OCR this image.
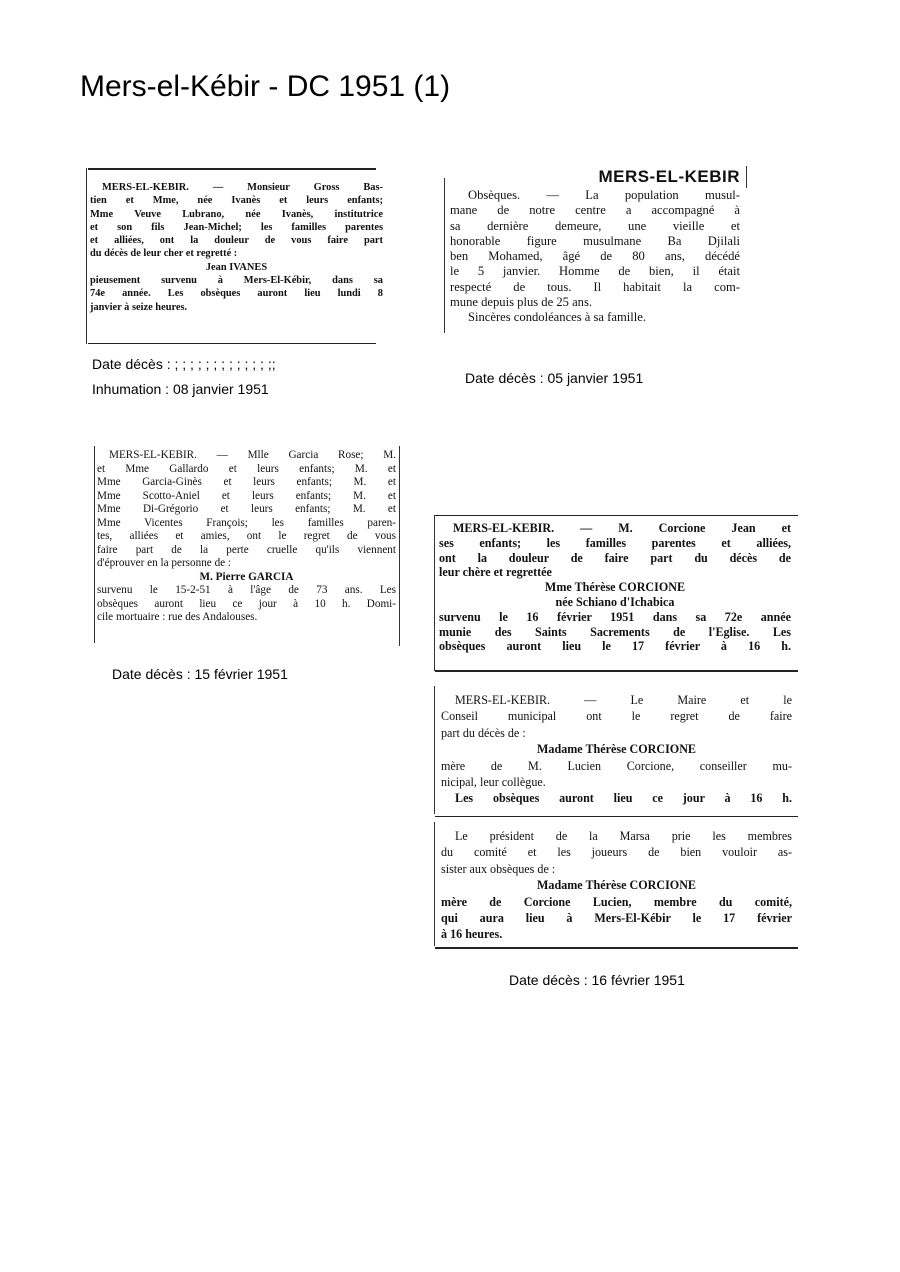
Mers-el-Kébir - DC 1951 (1)

MERS-EL-KEBIR. — Monsieur Gross Bas-

tien et Mme, née Ivanès et leurs enfants;

Mme Veuve Lubrano, née Ivanès, institutrice

et son fils Jean-Michel; les familles parentes

et alliées, ont la douleur de vous faire part

du décès de leur cher et regretté :

Jean IVANES

pieusement survenu à Mers-El-Kébir, dans sa

74e année. Les obsèques auront lieu lundi 8

janvier à seize heures.

Date décès : ; ; ; ; ; ; ; ; ; ; ; ; ;;
Inhumation : 08 janvier 1951

MERS-EL-KEBIR

Obsèques. — La population musul-

mane de notre centre a accompagné à

sa dernière demeure, une vieille et

honorable figure musulmane Ba Djilali

ben Mohamed, âgé de 80 ans, décédé

le 5 janvier. Homme de bien, il était

respecté de tous. Il habitait la com-

mune depuis plus de 25 ans.

Sincères condoléances à sa famille.

Date décès : 05 janvier 1951

MERS-EL-KEBIR. — Mlle Garcia Rose; M.

et Mme Gallardo et leurs enfants; M. et

Mme Garcia-Ginès et leurs enfants; M. et

Mme Scotto-Aniel et leurs enfants; M. et

Mme Di-Grégorio et leurs enfants; M. et

Mme Vicentes François; les familles paren-

tes, alliées et amies, ont le regret de vous

faire part de la perte cruelle qu'ils viennent

d'éprouver en la personne de :

M. Pierre GARCIA

survenu le 15-2-51 à l'âge de 73 ans. Les

obsèques auront lieu ce jour à 10 h. Domi-

cile mortuaire : rue des Andalouses.

Date décès : 15 février 1951

MERS-EL-KEBIR. — M. Corcione Jean et

ses enfants; les familles parentes et alliées,

ont la douleur de faire part du décès de

leur chère et regrettée

Mme Thérèse CORCIONE

née Schiano d'Ichabica

survenu le 16 février 1951 dans sa 72e année

munie des Saints Sacrements de l'Eglise. Les

obsèques auront lieu le 17 février à 16 h.

MERS-EL-KEBIR. — Le Maire et le

Conseil municipal ont le regret de faire

part du décès de :

Madame Thérèse CORCIONE

mère de M. Lucien Corcione, conseiller mu-

nicipal, leur collègue.

Les obsèques auront lieu ce jour à 16 h.

Le président de la Marsa prie les membres

du comité et les joueurs de bien vouloir as-

sister aux obsèques de :

Madame Thérèse CORCIONE

mère de Corcione Lucien, membre du comité,

qui aura lieu à Mers-El-Kébir le 17 février

à 16 heures.

Date décès : 16 février 1951
